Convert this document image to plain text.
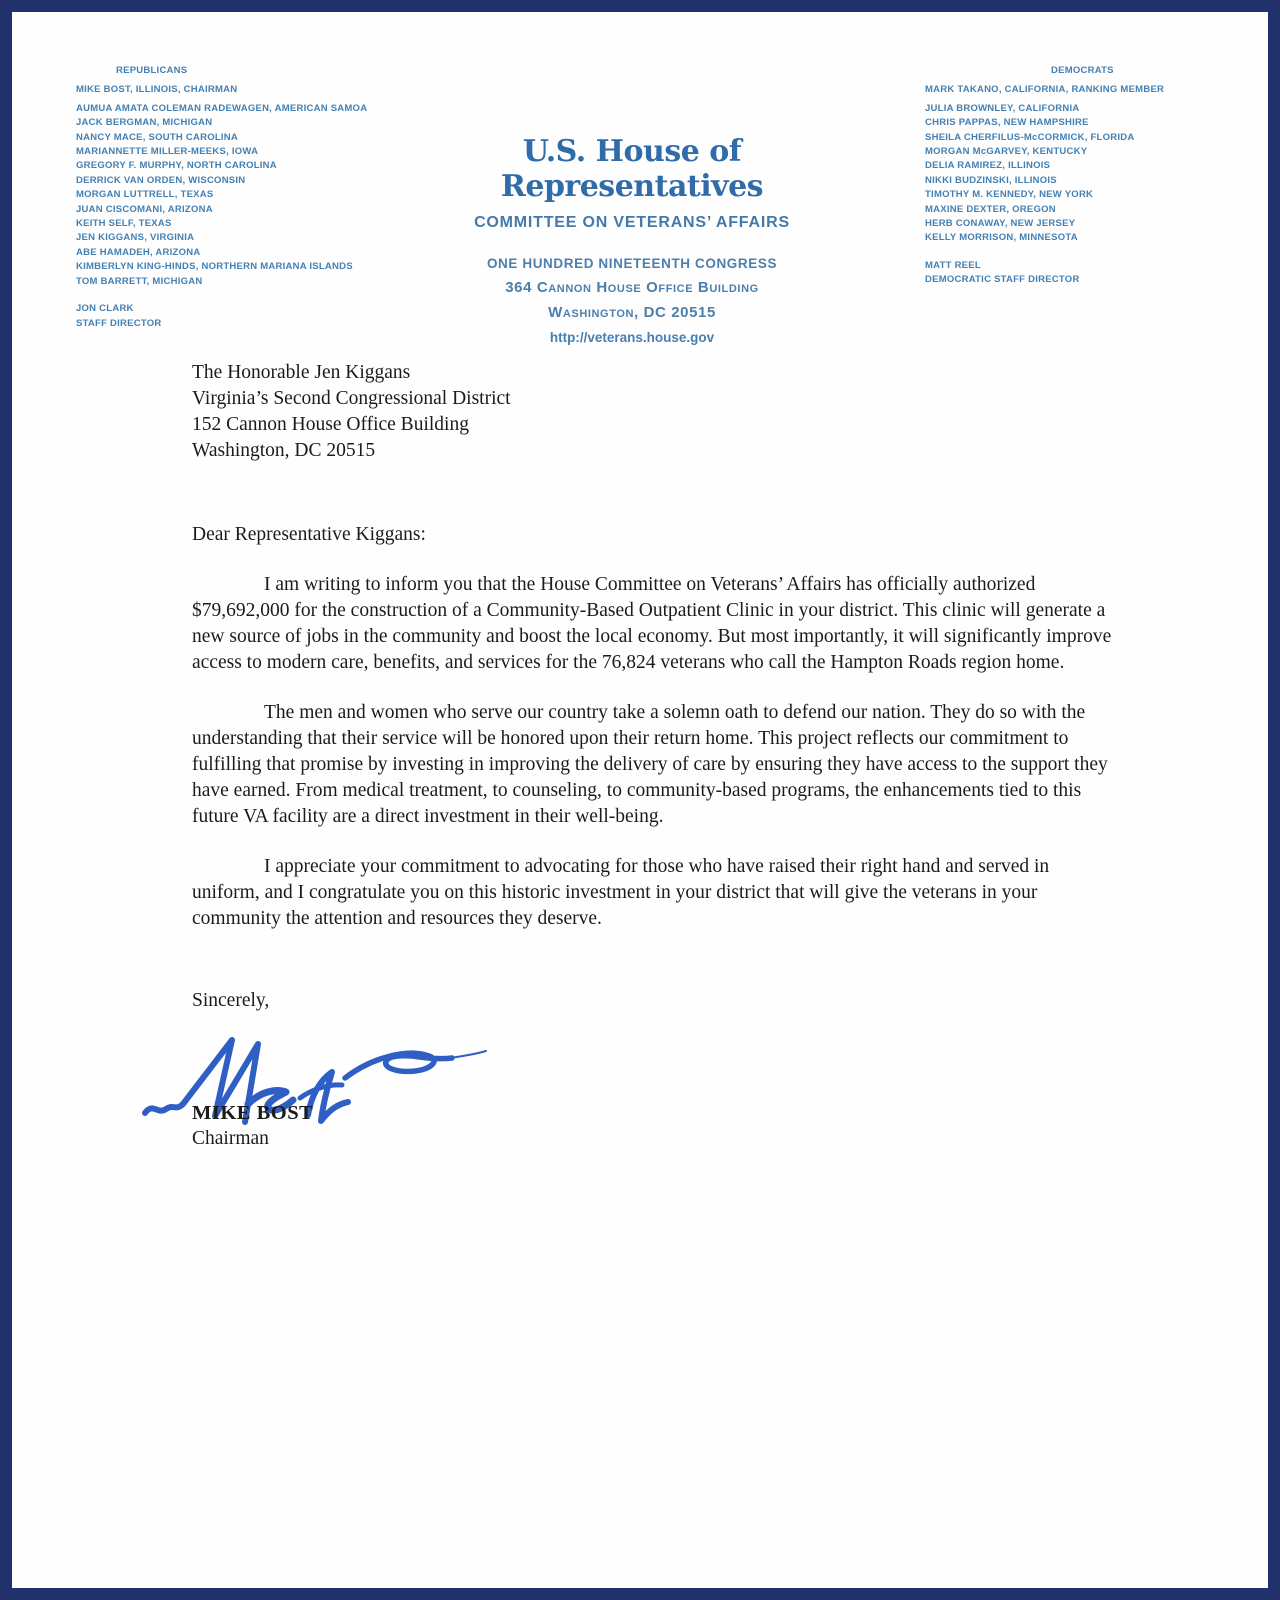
REPUBLICANS
MIKE BOST, ILLINOIS, CHAIRMAN
AUMUA AMATA COLEMAN RADEWAGEN, AMERICAN SAMOA
JACK BERGMAN, MICHIGAN
NANCY MACE, SOUTH CAROLINA
MARIANNETTE MILLER-MEEKS, IOWA
GREGORY F. MURPHY, NORTH CAROLINA
DERRICK VAN ORDEN, WISCONSIN
MORGAN LUTTRELL, TEXAS
JUAN CISCOMANI, ARIZONA
KEITH SELF, TEXAS
JEN KIGGANS, VIRGINIA
ABE HAMADEH, ARIZONA
KIMBERLYN KING-HINDS, NORTHERN MARIANA ISLANDS
TOM BARRETT, MICHIGAN
JON CLARK
STAFF DIRECTOR
U.S. House of Representatives
COMMITTEE ON VETERANS’ AFFAIRS
ONE HUNDRED NINETEENTH CONGRESS
364 Cannon House Office Building
Washington, DC 20515
http://veterans.house.gov
DEMOCRATS
MARK TAKANO, CALIFORNIA, RANKING MEMBER
JULIA BROWNLEY, CALIFORNIA
CHRIS PAPPAS, NEW HAMPSHIRE
SHEILA CHERFILUS-McCORMICK, FLORIDA
MORGAN McGARVEY, KENTUCKY
DELIA RAMIREZ, ILLINOIS
NIKKI BUDZINSKI, ILLINOIS
TIMOTHY M. KENNEDY, NEW YORK
MAXINE DEXTER, OREGON
HERB CONAWAY, NEW JERSEY
KELLY MORRISON, MINNESOTA
MATT REEL
DEMOCRATIC STAFF DIRECTOR
The Honorable Jen Kiggans
Virginia’s Second Congressional District
152 Cannon House Office Building
Washington, DC 20515

Dear Representative Kiggans:

I am writing to inform you that the House Committee on Veterans’ Affairs has officially authorized $79,692,000 for the construction of a Community-Based Outpatient Clinic in your district. This clinic will generate a new source of jobs in the community and boost the local economy. But most importantly, it will significantly improve access to modern care, benefits, and services for the 76,824 veterans who call the Hampton Roads region home.

The men and women who serve our country take a solemn oath to defend our nation. They do so with the understanding that their service will be honored upon their return home. This project reflects our commitment to fulfilling that promise by investing in improving the delivery of care by ensuring they have access to the support they have earned. From medical treatment, to counseling, to community-based programs, the enhancements tied to this future VA facility are a direct investment in their well-being.

I appreciate your commitment to advocating for those who have raised their right hand and served in uniform, and I congratulate you on this historic investment in your district that will give the veterans in your community the attention and resources they deserve.

Sincerely,
MIKE BOST
Chairman
